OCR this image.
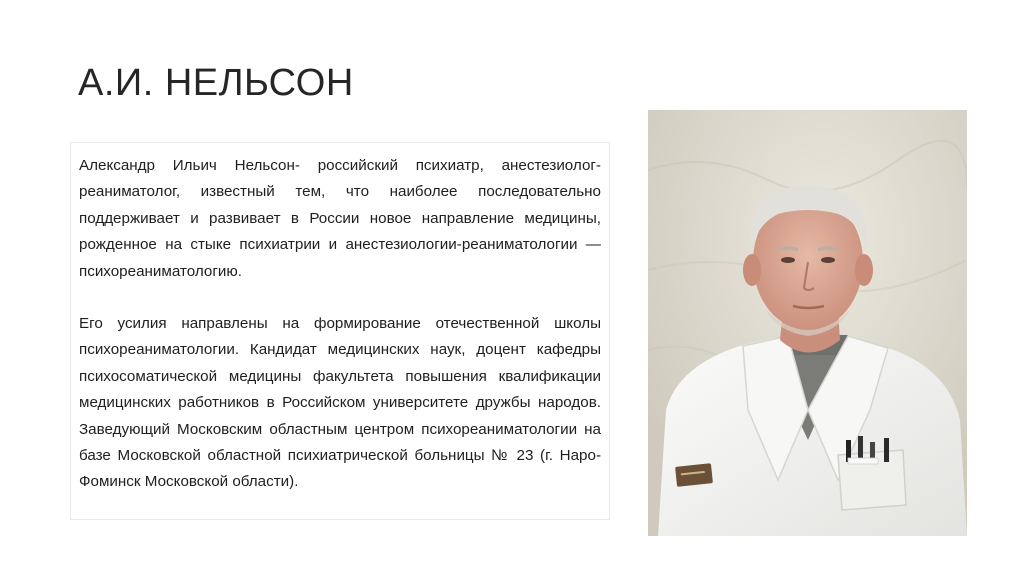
А.И. НЕЛЬСОН

Александр Ильич Нельсон- российский психиатр, анестезиолог-реаниматолог, известный тем, что наиболее последовательно поддерживает и развивает в России новое направление медицины, рожденное на стыке психиатрии и анестезиологии-реаниматологии — психореаниматологию.

Его усилия направлены на формирование отечественной школы психореаниматологии. Кандидат медицинских наук, доцент кафедры психосоматической медицины факультета повышения квалификации медицинских работников в Российском университете дружбы народов. Заведующий Московским областным центром психореаниматологии на базе Московской областной психиатрической больницы № 23 (г. Наро-Фоминск Московской области).
